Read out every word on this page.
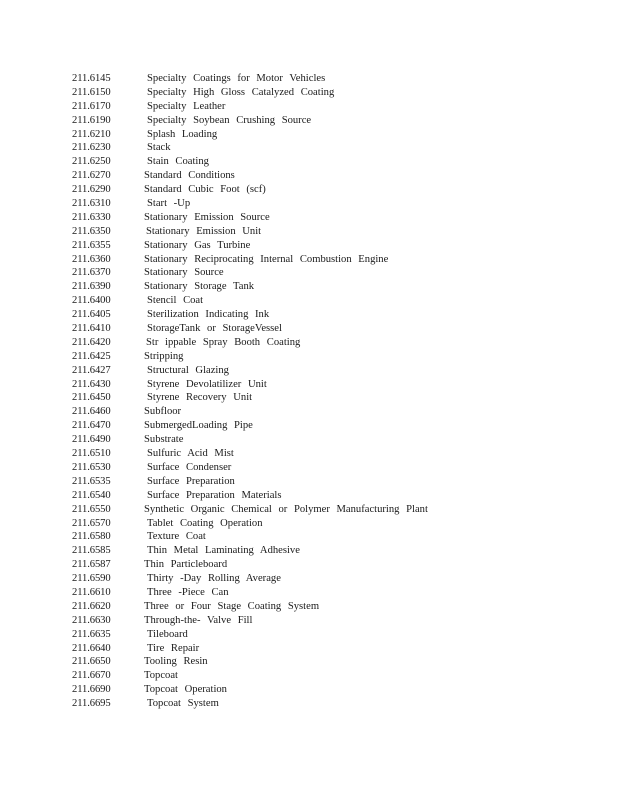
211.6145	Specialty Coatings for Motor Vehicles
211.6150	Specialty High Gloss Catalyzed Coating
211.6170	Specialty Leather
211.6190	Specialty Soybean Crushing Source
211.6210	Splash Loading
211.6230	Stack
211.6250	Stain Coating
211.6270	Standard Conditions
211.6290	Standard Cubic Foot (scf)
211.6310	Start -Up
211.6330	Stationary Emission Source
211.6350	Stationary Emission Unit
211.6355	Stationary Gas Turbine
211.6360	Stationary Reciprocating Internal Combustion Engine
211.6370	Stationary Source
211.6390	Stationary Storage Tank
211.6400	Stencil Coat
211.6405	Sterilization Indicating Ink
211.6410	StorageTank or StorageVessel
211.6420	Str ippable Spray Booth Coating
211.6425	Stripping
211.6427	Structural Glazing
211.6430	Styrene Devolatilizer Unit
211.6450	Styrene Recovery Unit
211.6460	Subfloor
211.6470	SubmergedLoading Pipe
211.6490	Substrate
211.6510	Sulfuric Acid Mist
211.6530	Surface Condenser
211.6535	Surface Preparation
211.6540	Surface Preparation Materials
211.6550	Synthetic Organic Chemical or Polymer Manufacturing Plant
211.6570	Tablet Coating Operation
211.6580	Texture Coat
211.6585	Thin Metal Laminating Adhesive
211.6587	Thin Particleboard
211.6590	Thirty -Day Rolling Average
211.6610	Three -Piece Can
211.6620	Three or Four Stage Coating System
211.6630	Through-the- Valve Fill
211.6635	Tileboard
211.6640	Tire Repair
211.6650	Tooling Resin
211.6670	Topcoat
211.6690	Topcoat Operation
211.6695	Topcoat System
